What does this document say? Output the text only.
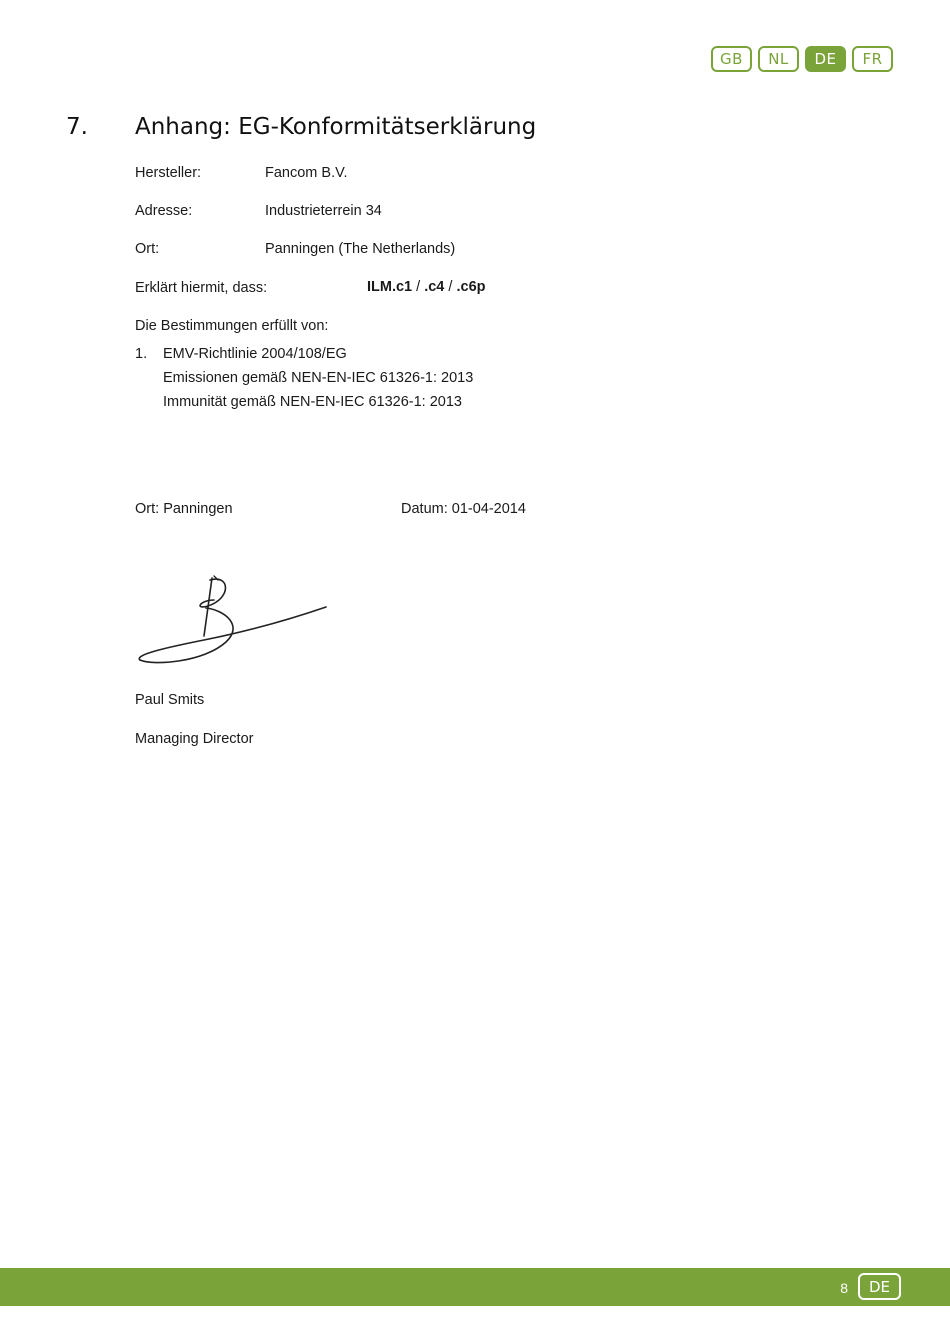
GB	NL	DE	FR
7. Anhang: EG-Konformitätserklärung
Hersteller:	Fancom B.V.
Adresse:	Industrieterrein 34
Ort:	Panningen (The Netherlands)
Erklärt hiermit, dass:	ILM.c1 / .c4 / .c6p
Die Bestimmungen erfüllt von:
1. EMV-Richtlinie 2004/108/EG
Emissionen gemäß NEN-EN-IEC 61326-1: 2013
Immunität gemäß NEN-EN-IEC 61326-1: 2013
Ort: Panningen	Datum: 01-04-2014
Paul Smits
Managing Director
8	DE
